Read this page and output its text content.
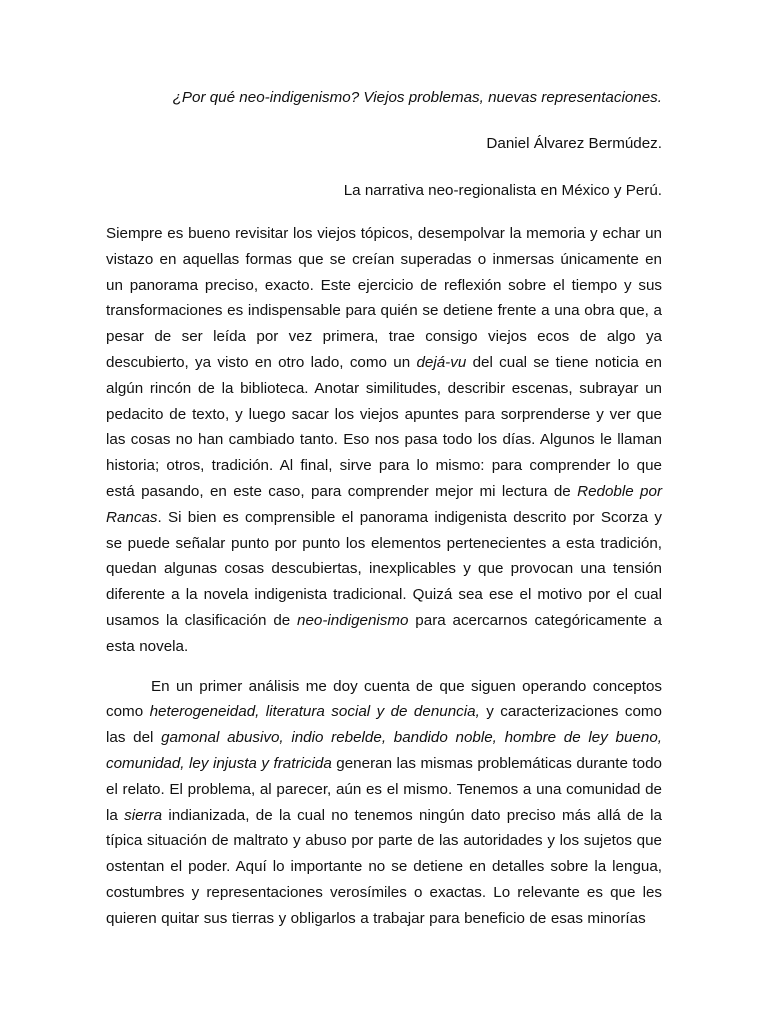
¿Por qué neo-indigenismo? Viejos problemas, nuevas representaciones.

Daniel Álvarez Bermúdez.

La narrativa neo-regionalista en México y Perú.

Siempre es bueno revisitar los viejos tópicos, desempolvar la memoria y echar un vistazo en aquellas formas que se creían superadas o inmersas únicamente en un panorama preciso, exacto. Este ejercicio de reflexión sobre el tiempo y sus transformaciones es indispensable para quién se detiene frente a una obra que, a pesar de ser leída por vez primera, trae consigo viejos ecos de algo ya descubierto, ya visto en otro lado, como un dejá-vu del cual se tiene noticia en algún rincón de la biblioteca. Anotar similitudes, describir escenas, subrayar un pedacito de texto, y luego sacar los viejos apuntes para sorprenderse y ver que las cosas no han cambiado tanto. Eso nos pasa todo los días. Algunos le llaman historia; otros, tradición. Al final, sirve para lo mismo: para comprender lo que está pasando, en este caso, para comprender mejor mi lectura de Redoble por Rancas. Si bien es comprensible el panorama indigenista descrito por Scorza y se puede señalar punto por punto los elementos pertenecientes a esta tradición, quedan algunas cosas descubiertas, inexplicables y que provocan una tensión diferente a la novela indigenista tradicional. Quizá sea ese el motivo por el cual usamos la clasificación de neo-indigenismo para acercarnos categóricamente a esta novela.

En un primer análisis me doy cuenta de que siguen operando conceptos como heterogeneidad, literatura social y de denuncia, y caracterizaciones como las del gamonal abusivo, indio rebelde, bandido noble, hombre de ley bueno, comunidad, ley injusta y fratricida generan las mismas problemáticas durante todo el relato. El problema, al parecer, aún es el mismo. Tenemos a una comunidad de la sierra indianizada, de la cual no tenemos ningún dato preciso más allá de la típica situación de maltrato y abuso por parte de las autoridades y los sujetos que ostentan el poder. Aquí lo importante no se detiene en detalles sobre la lengua, costumbres y representaciones verosímiles o exactas. Lo relevante es que les quieren quitar sus tierras y obligarlos a trabajar para beneficio de esas minorías
